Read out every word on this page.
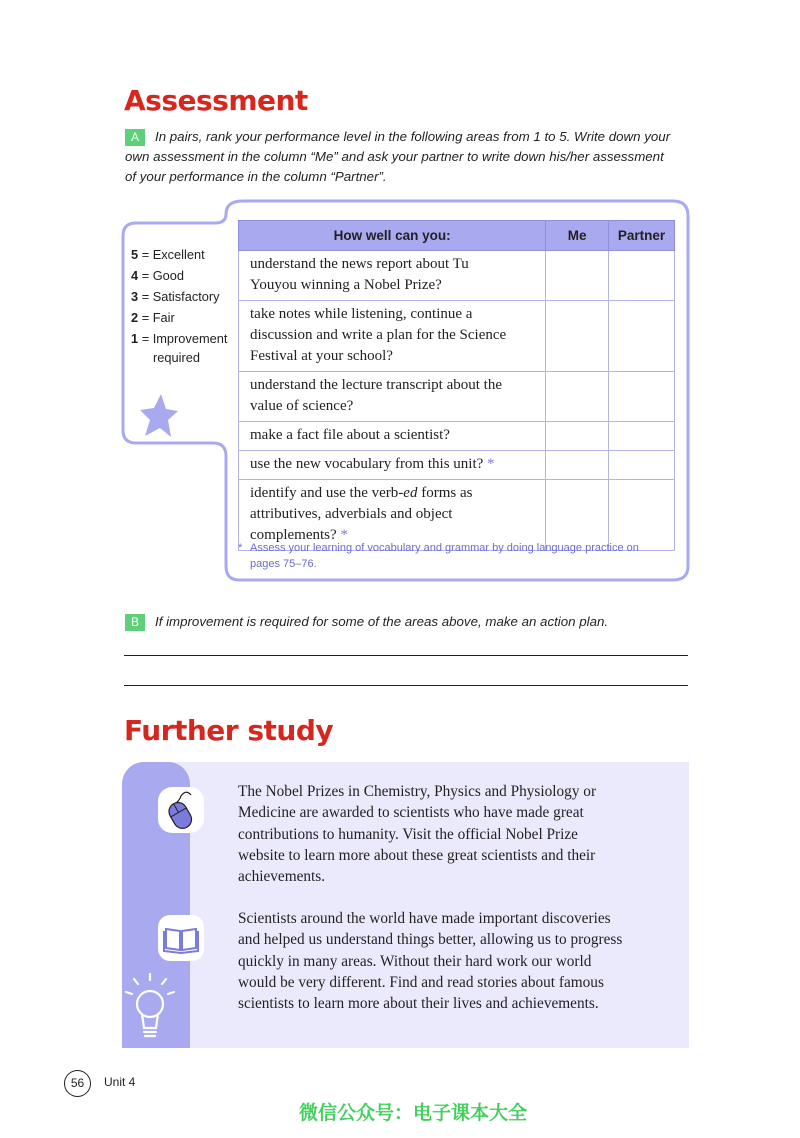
Assessment
A In pairs, rank your performance level in the following areas from 1 to 5. Write down your
own assessment in the column “Me” and ask your partner to write down his/her assessment
of your performance in the column “Partner”.
5 = Excellent
4 = Good
3 = Satisfactory
2 = Fair
1 = Improvement
required
How well can you:	Me	Partner

understand the news report about Tu
Youyou winning a Nobel Prize?		

take notes while listening, continue a
discussion and write a plan for the Science
Festival at your school?		

understand the lecture transcript about the
value of science?		

make a fact file about a scientist?		

use the new vocabulary from this unit? *		

identify and use the verb-ed forms as
attributives, adverbials and object
complements? *		

* Assess your learning of vocabulary and grammar by doing language practice on
pages 75–76.
B If improvement is required for some of the areas above, make an action plan.
Further study
The Nobel Prizes in Chemistry, Physics and Physiology or
Medicine are awarded to scientists who have made great
contributions to humanity. Visit the official Nobel Prize
website to learn more about these great scientists and their
achievements.
Scientists around the world have made important discoveries
and helped us understand things better, allowing us to progress
quickly in many areas. Without their hard work our world
would be very different. Find and read stories about famous
scientists to learn more about their lives and achievements.
56	Unit 4
微信公众号：电子课本大全
